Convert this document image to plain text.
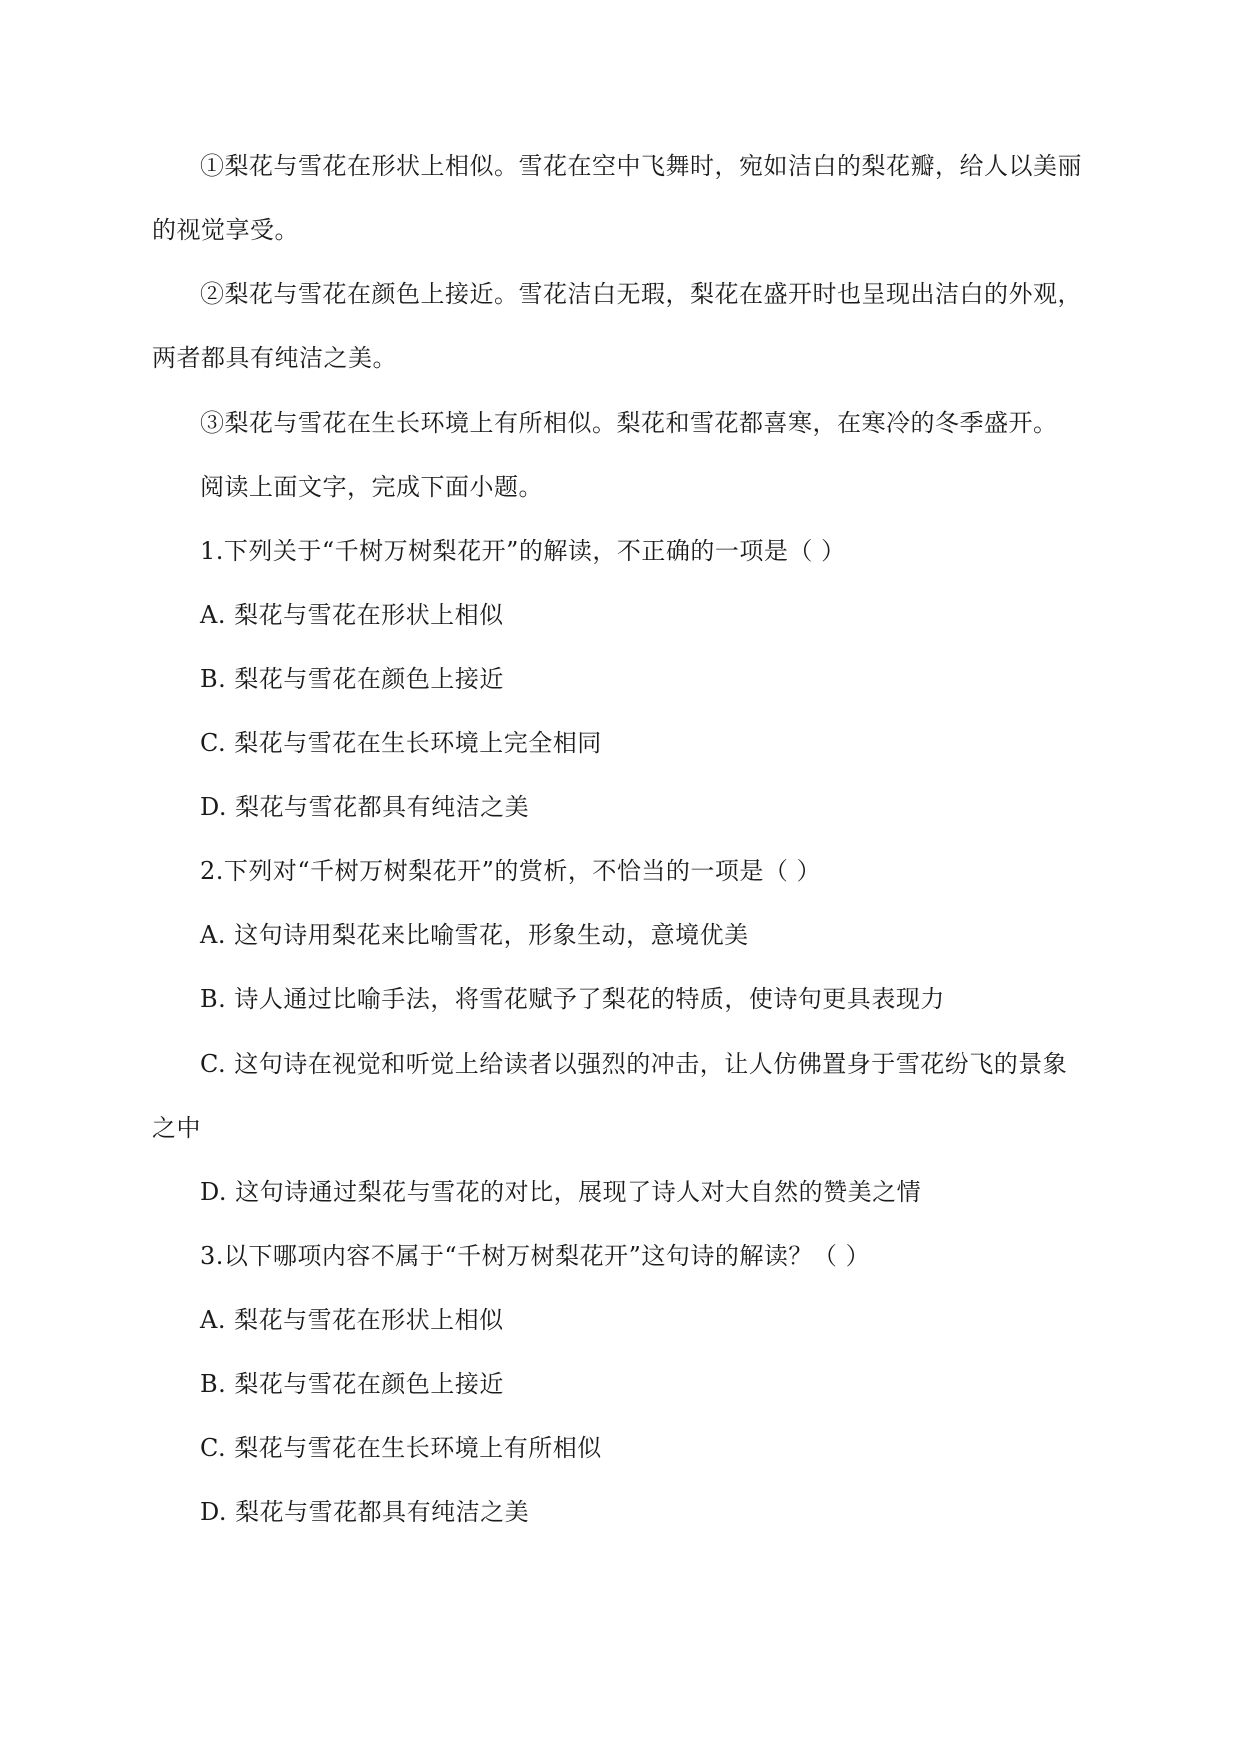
①梨花与雪花在形状上相似。雪花在空中飞舞时，宛如洁白的梨花瓣，给人以美丽
的视觉享受。
②梨花与雪花在颜色上接近。雪花洁白无瑕，梨花在盛开时也呈现出洁白的外观，
两者都具有纯洁之美。
③梨花与雪花在生长环境上有所相似。梨花和雪花都喜寒，在寒冷的冬季盛开。
阅读上面文字，完成下面小题。
1.下列关于“千树万树梨花开”的解读，不正确的一项是（ ）
A. 梨花与雪花在形状上相似
B. 梨花与雪花在颜色上接近
C. 梨花与雪花在生长环境上完全相同
D. 梨花与雪花都具有纯洁之美
2.下列对“千树万树梨花开”的赏析，不恰当的一项是（ ）
A. 这句诗用梨花来比喻雪花，形象生动，意境优美
B. 诗人通过比喻手法，将雪花赋予了梨花的特质，使诗句更具表现力
C. 这句诗在视觉和听觉上给读者以强烈的冲击，让人仿佛置身于雪花纷飞的景象
之中
D. 这句诗通过梨花与雪花的对比，展现了诗人对大自然的赞美之情
3.以下哪项内容不属于“千树万树梨花开”这句诗的解读？（ ）
A. 梨花与雪花在形状上相似
B. 梨花与雪花在颜色上接近
C. 梨花与雪花在生长环境上有所相似
D. 梨花与雪花都具有纯洁之美
